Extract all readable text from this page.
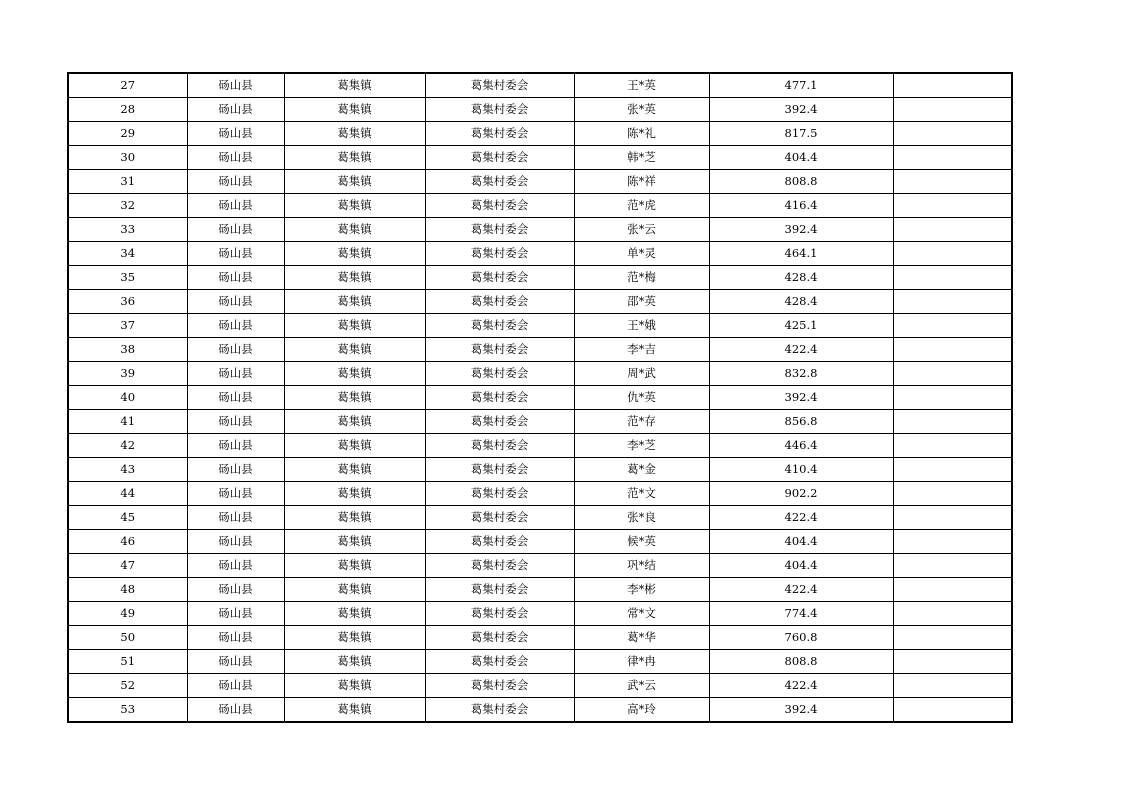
27	砀山县	葛集镇	葛集村委会	王*英	477.1	
28	砀山县	葛集镇	葛集村委会	张*英	392.4	
29	砀山县	葛集镇	葛集村委会	陈*礼	817.5	
30	砀山县	葛集镇	葛集村委会	韩*芝	404.4	
31	砀山县	葛集镇	葛集村委会	陈*祥	808.8	
32	砀山县	葛集镇	葛集村委会	范*虎	416.4	
33	砀山县	葛集镇	葛集村委会	张*云	392.4	
34	砀山县	葛集镇	葛集村委会	单*灵	464.1	
35	砀山县	葛集镇	葛集村委会	范*梅	428.4	
36	砀山县	葛集镇	葛集村委会	邵*英	428.4	
37	砀山县	葛集镇	葛集村委会	王*娥	425.1	
38	砀山县	葛集镇	葛集村委会	李*吉	422.4	
39	砀山县	葛集镇	葛集村委会	周*武	832.8	
40	砀山县	葛集镇	葛集村委会	仇*英	392.4	
41	砀山县	葛集镇	葛集村委会	范*存	856.8	
42	砀山县	葛集镇	葛集村委会	李*芝	446.4	
43	砀山县	葛集镇	葛集村委会	葛*金	410.4	
44	砀山县	葛集镇	葛集村委会	范*文	902.2	
45	砀山县	葛集镇	葛集村委会	张*良	422.4	
46	砀山县	葛集镇	葛集村委会	候*英	404.4	
47	砀山县	葛集镇	葛集村委会	巩*结	404.4	
48	砀山县	葛集镇	葛集村委会	李*彬	422.4	
49	砀山县	葛集镇	葛集村委会	常*文	774.4	
50	砀山县	葛集镇	葛集村委会	葛*华	760.8	
51	砀山县	葛集镇	葛集村委会	律*冉	808.8	
52	砀山县	葛集镇	葛集村委会	武*云	422.4	
53	砀山县	葛集镇	葛集村委会	高*玲	392.4	
